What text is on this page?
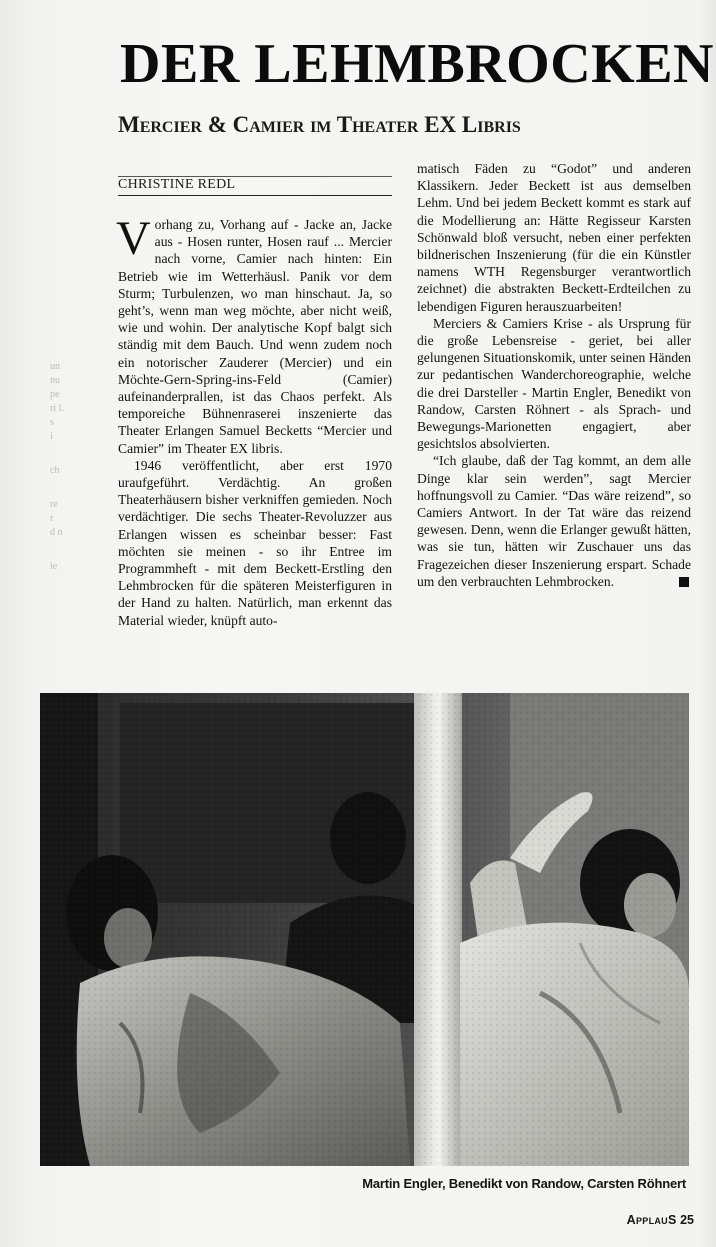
un
nu
pe
ri l.
s
i
ch
re
r
d n
ie
DER LEHMBROCKEN
Mercier & Camier im Theater EX Libris
CHRISTINE REDL

Vorhang zu, Vorhang auf - Jacke an, Jacke aus - Hosen runter, Hosen rauf ... Mercier nach vorne, Camier nach hinten: Ein Betrieb wie im Wetterhäusl. Panik vor dem Sturm; Turbulenzen, wo man hinschaut. Ja, so geht’s, wenn man weg möchte, aber nicht weiß, wie und wohin. Der analytische Kopf balgt sich ständig mit dem Bauch. Und wenn zudem noch ein notorischer Zauderer (Mercier) und ein Möchte-Gern-Spring-ins-Feld (Camier) aufeinanderprallen, ist das Chaos perfekt. Als temporeiche Bühnenraserei inszenierte das Theater Erlangen Samuel Becketts “Mercier und Camier” im Theater EX libris.

1946 veröffentlicht, aber erst 1970 uraufgeführt. Verdächtig. An großen Theaterhäusern bisher verkniffen gemieden. Noch verdächtiger. Die sechs Theater-Revoluzzer aus Erlangen wissen es scheinbar besser: Fast möchten sie meinen - so ihr Entree im Programmheft - mit dem Beckett-Erstling den Lehmbrocken für die späteren Meisterfiguren in der Hand zu halten. Natürlich, man erkennt das Material wieder, knüpft auto-

matisch Fäden zu “Godot” und anderen Klassikern. Jeder Beckett ist aus demselben Lehm. Und bei jedem Beckett kommt es stark auf die Modellierung an: Hätte Regisseur Karsten Schönwald bloß versucht, neben einer perfekten bildnerischen Inszenierung (für die ein Künstler namens WTH Regensburger verantwortlich zeichnet) die abstrakten Beckett-Erdteilchen zu lebendigen Figuren herauszuarbeiten!

Merciers & Camiers Krise - als Ursprung für die große Lebensreise - geriet, bei aller gelungenen Situationskomik, unter seinen Händen zur pedantischen Wanderchoreographie, welche die drei Darsteller - Martin Engler, Benedikt von Randow, Carsten Röhnert - als Sprach- und Bewegungs-Marionetten engagiert, aber gesichtslos absolvierten.

“Ich glaube, daß der Tag kommt, an dem alle Dinge klar sein werden”, sagt Mercier hoffnungsvoll zu Camier. “Das wäre reizend”, so Camiers Antwort. In der Tat wäre das reizend gewesen. Denn, wenn die Erlanger gewußt hätten, was sie tun, hätten wir Zuschauer uns das Fragezeichen dieser Inszenierung erspart. Schade um den verbrauchten Lehmbrocken.

Martin Engler, Benedikt von Randow, Carsten Röhnert
ApplauS 25
